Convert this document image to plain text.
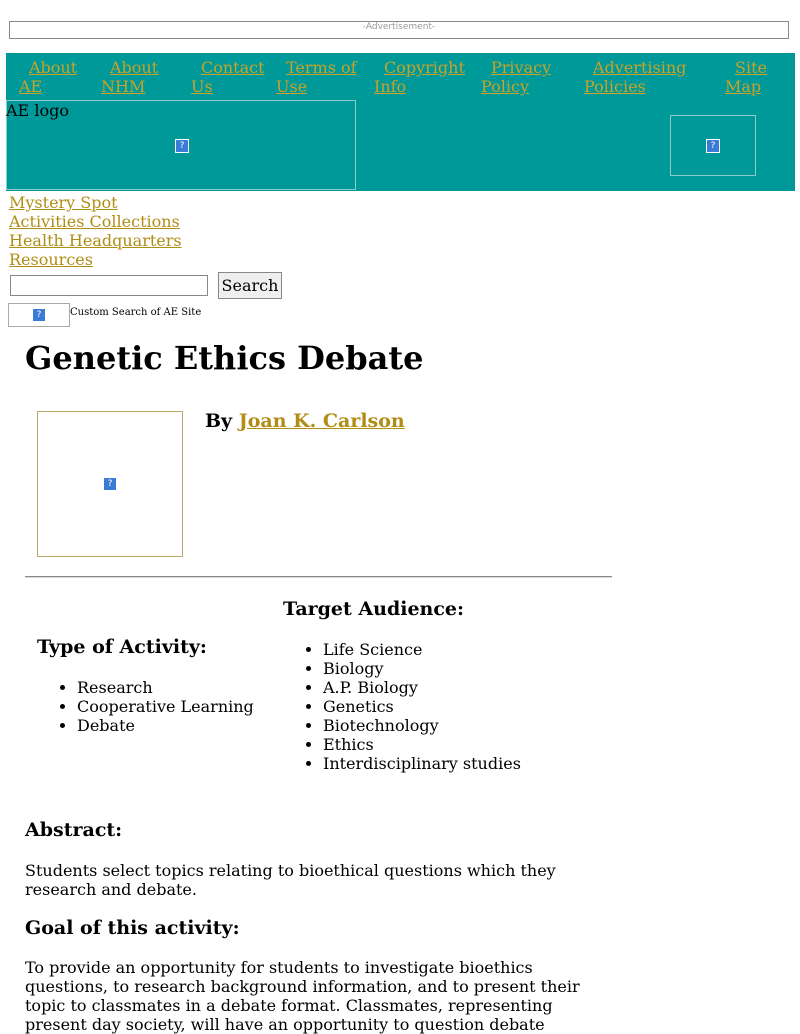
-Advertisement-
About
AE
About
NHM
Contact
Us
Terms of
Use
Copyright
Info
Privacy
Policy
Advertising
Policies
Site
Map
?
AE logo
?
Mystery Spot
Activities Collections
Health Headquarters
Resources
Search
?	Custom Search of AE Site
Genetic Ethics Debate
?
By Joan K. Carlson
Target Audience:
Type of Activity:
• Research
• Cooperative Learning
• Debate
• Life Science
• Biology
• A.P. Biology
• Genetics
• Biotechnology
• Ethics
• Interdisciplinary studies
Abstract:

Students select topics relating to bioethical questions which they research and debate.

Goal of this activity:

To provide an opportunity for students to investigate bioethics questions, to research background information, and to present their topic to classmates in a debate format. Classmates, representing present day society, will have an opportunity to question debate
